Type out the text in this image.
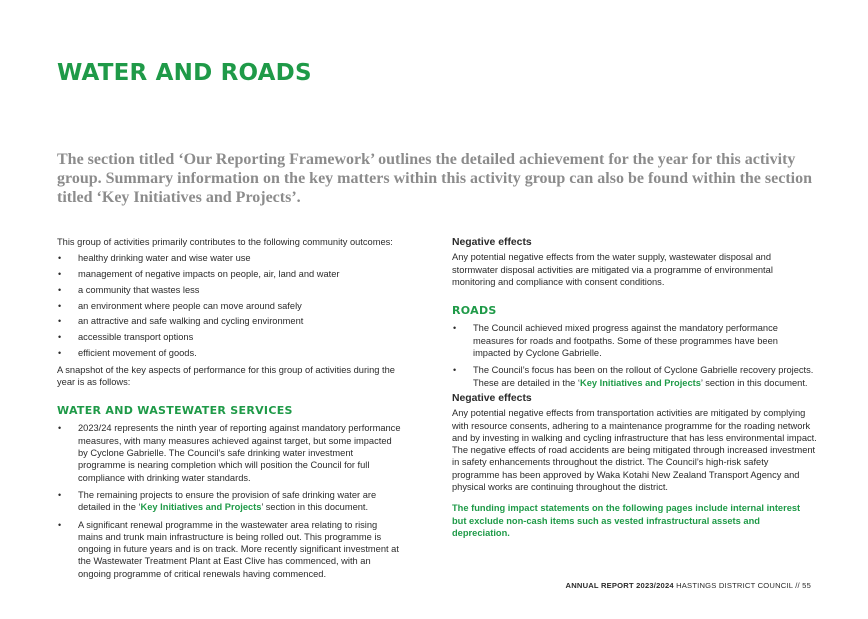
WATER AND ROADS

The section titled ‘Our Reporting Framework’ outlines the detailed achievement for the year for this activity group. Summary information on the key matters within this activity group can also be found within the section titled ‘Key Initiatives and Projects’.

This group of activities primarily contributes to the following community outcomes:

• healthy drinking water and wise water use
• management of negative impacts on people, air, land and water
• a community that wastes less
• an environment where people can move around safely
• an attractive and safe walking and cycling environment
• accessible transport options
• efficient movement of goods.

A snapshot of the key aspects of performance for this group of activities during the year is as follows:

WATER AND WASTEWATER SERVICES
• 2023/24 represents the ninth year of reporting against mandatory performance measures, with many measures achieved against target, but some impacted by Cyclone Gabrielle. The Council’s safe drinking water investment programme is nearing completion which will position the Council for full compliance with drinking water standards.
• The remaining projects to ensure the provision of safe drinking water are detailed in the ‘Key Initiatives and Projects’ section in this document.
• A significant renewal programme in the wastewater area relating to rising mains and trunk main infrastructure is being rolled out. This programme is ongoing in future years and is on track. More recently significant investment at the Wastewater Treatment Plant at East Clive has commenced, with an ongoing programme of critical renewals having commenced.
Negative effects

Any potential negative effects from the water supply, wastewater disposal and stormwater disposal activities are mitigated via a programme of environmental monitoring and compliance with consent conditions.

ROADS
• The Council achieved mixed progress against the mandatory performance measures for roads and footpaths. Some of these programmes have been impacted by Cyclone Gabrielle.
• The Council’s focus has been on the rollout of Cyclone Gabrielle recovery projects. These are detailed in the ‘Key Initiatives and Projects’ section in this document.
Negative effects

Any potential negative effects from transportation activities are mitigated by complying with resource consents, adhering to a maintenance programme for the roading network and by investing in walking and cycling infrastructure that has less environmental impact. The negative effects of road accidents are being mitigated through increased investment in safety enhancements throughout the district. The Council’s high-risk safety programme has been approved by Waka Kotahi New Zealand Transport Agency and physical works are continuing throughout the district.

The funding impact statements on the following pages include internal interest but exclude non-cash items such as vested infrastructural assets and depreciation.

ANNUAL REPORT 2023/2024 HASTINGS DISTRICT COUNCIL // 55
